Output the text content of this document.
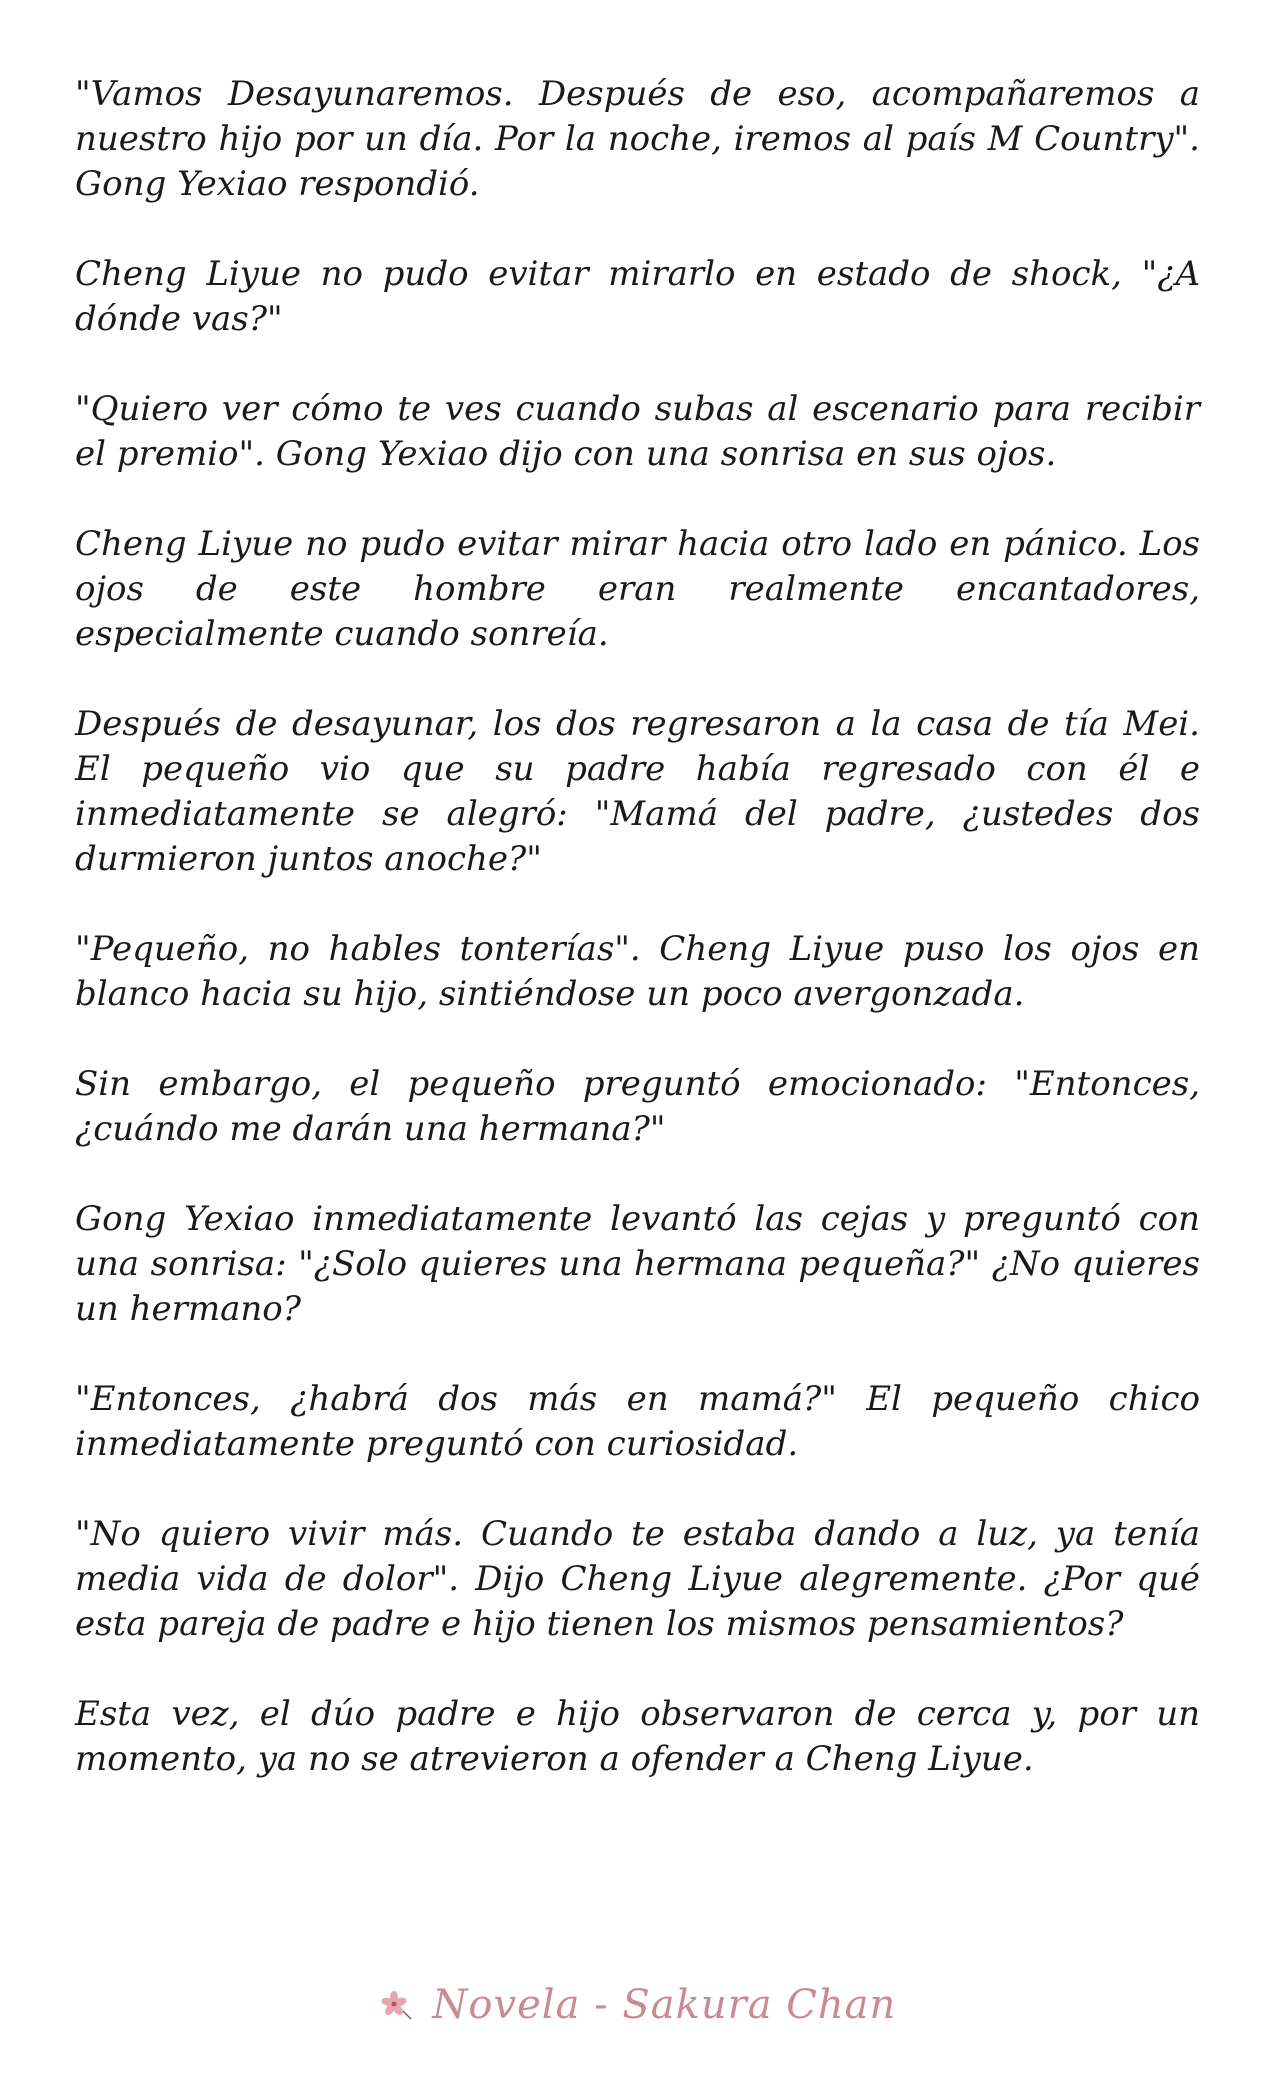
"Vamos Desayunaremos. Después de eso, acompañaremos a nuestro hijo por un día. Por la noche, iremos al país M Country". Gong Yexiao respondió.

Cheng Liyue no pudo evitar mirarlo en estado de shock, "¿A dónde vas?"

"Quiero ver cómo te ves cuando subas al escenario para recibir el premio". Gong Yexiao dijo con una sonrisa en sus ojos.

Cheng Liyue no pudo evitar mirar hacia otro lado en pánico. Los ojos de este hombre eran realmente encantadores, especialmente cuando sonreía.

Después de desayunar, los dos regresaron a la casa de tía Mei. El pequeño vio que su padre había regresado con él e inmediatamente se alegró: "Mamá del padre, ¿ustedes dos durmieron juntos anoche?"

"Pequeño, no hables tonterías". Cheng Liyue puso los ojos en blanco hacia su hijo, sintiéndose un poco avergonzada.

Sin embargo, el pequeño preguntó emocionado: "Entonces, ¿cuándo me darán una hermana?"

Gong Yexiao inmediatamente levantó las cejas y preguntó con una sonrisa: "¿Solo quieres una hermana pequeña?" ¿No quieres un hermano?

"Entonces, ¿habrá dos más en mamá?" El pequeño chico inmediatamente preguntó con curiosidad.

"No quiero vivir más. Cuando te estaba dando a luz, ya tenía media vida de dolor". Dijo Cheng Liyue alegremente. ¿Por qué esta pareja de padre e hijo tienen los mismos pensamientos?

Esta vez, el dúo padre e hijo observaron de cerca y, por un momento, ya no se atrevieron a ofender a Cheng Liyue.

Novela - Sakura Chan
